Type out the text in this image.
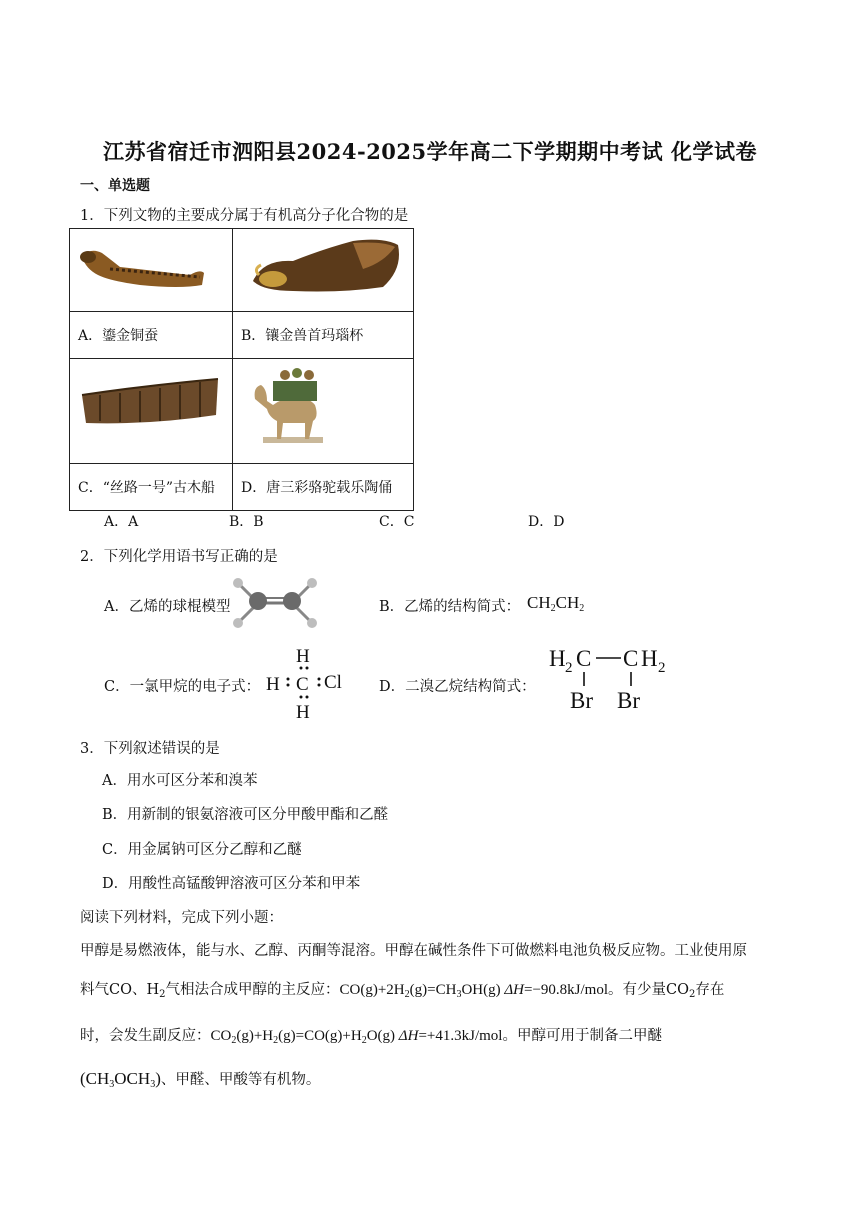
江苏省宿迁市泗阳县2024-2025学年高二下学期期中考试 化学试卷
一、单选题
1．下列文物的主要成分属于有机高分子化合物的是

A．鎏金铜蚕	B．镶金兽首玛瑙杯

C．“丝路一号”古木船	D．唐三彩骆驼载乐陶俑
A．A	B．B	C．C	D．D
2．下列化学用语书写正确的是
A．乙烯的球棍模型	B．乙烯的结构简式： $CH_2CH_2$
C．一氯甲烷的电子式：
H
H C Cl
H
D．二溴乙烷结构简式：
H 2 C C H 2
Br Br
3．下列叙述错误的是
A．用水可区分苯和溴苯
B．用新制的银氨溶液可区分甲酸甲酯和乙醛
C．用金属钠可区分乙醇和乙醚
D．用酸性高锰酸钾溶液可区分苯和甲苯
阅读下列材料，完成下列小题：
甲醇是易燃液体，能与水、乙醇、丙酮等混溶。甲醇在碱性条件下可做燃料电池负极反应物。工业使用原
料气CO、$H_2$气相法合成甲醇的主反应：$CO(g)+2H_2(g)=CH_3OH(g)$ ΔH=−90.8kJ/mol。有少量$CO_2$存在
时，会发生副反应：$CO_2(g)+H_2(g)=CO(g)+H_2O(g)$ ΔH=+41.3kJ/mol。甲醇可用于制备二甲醚
$(CH_3OCH_3)$、甲醛、甲酸等有机物。
